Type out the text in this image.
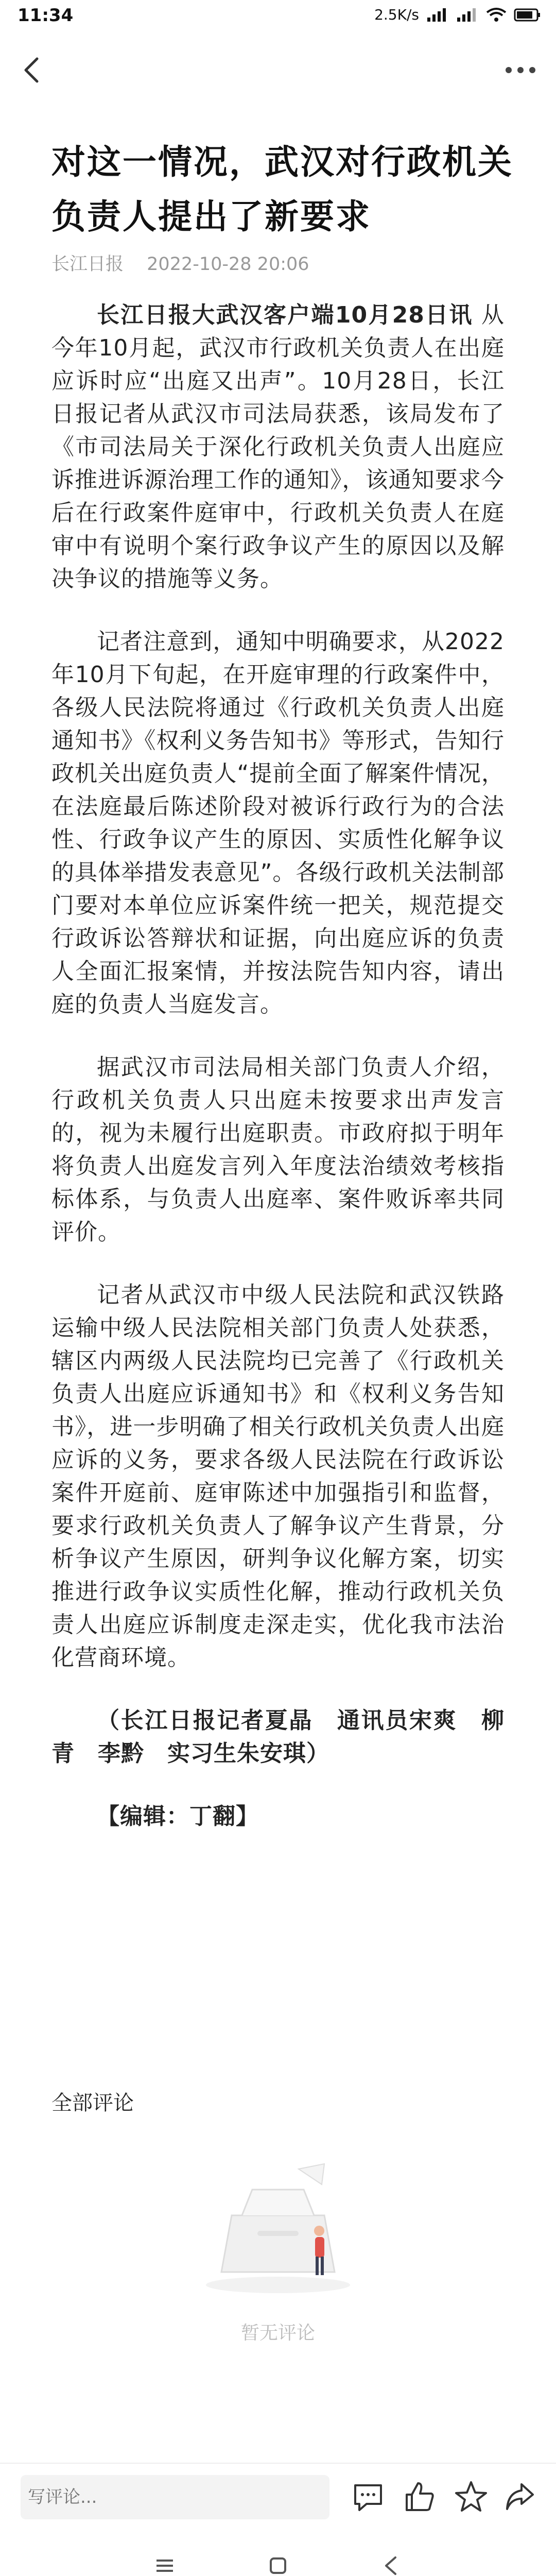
11:34	2.5K/s
对这一情况，武汉对行政机关负责人提出了新要求
长江日报 2022-10-28 20:06

长江日报大武汉客户端10月28日讯 从今年10月起，武汉市行政机关负责人在出庭应诉时应“出庭又出声”。10月28日，长江日报记者从武汉市司法局获悉，该局发布了《市司法局关于深化行政机关负责人出庭应诉推进诉源治理工作的通知》，该通知要求今后在行政案件庭审中，行政机关负责人在庭审中有说明个案行政争议产生的原因以及解决争议的措施等义务。

记者注意到，通知中明确要求，从2022年10月下旬起，在开庭审理的行政案件中，各级人民法院将通过《行政机关负责人出庭通知书》《权利义务告知书》等形式，告知行政机关出庭负责人“提前全面了解案件情况，在法庭最后陈述阶段对被诉行政行为的合法性、行政争议产生的原因、实质性化解争议的具体举措发表意见”。各级行政机关法制部门要对本单位应诉案件统一把关，规范提交行政诉讼答辩状和证据，向出庭应诉的负责人全面汇报案情，并按法院告知内容，请出庭的负责人当庭发言。

据武汉市司法局相关部门负责人介绍，行政机关负责人只出庭未按要求出声发言的，视为未履行出庭职责。市政府拟于明年将负责人出庭发言列入年度法治绩效考核指标体系，与负责人出庭率、案件败诉率共同评价。

记者从武汉市中级人民法院和武汉铁路运输中级人民法院相关部门负责人处获悉，辖区内两级人民法院均已完善了《行政机关负责人出庭应诉通知书》和《权利义务告知书》，进一步明确了相关行政机关负责人出庭应诉的义务，要求各级人民法院在行政诉讼案件开庭前、庭审陈述中加强指引和监督，要求行政机关负责人了解争议产生背景，分析争议产生原因，研判争议化解方案，切实推进行政争议实质性化解，推动行政机关负责人出庭应诉制度走深走实，优化我市法治化营商环境。

（长江日报记者夏晶　通讯员宋爽　柳青　李黔　实习生朱安琪）

【编辑：丁翻】

全部评论
暂无评论
写评论...
